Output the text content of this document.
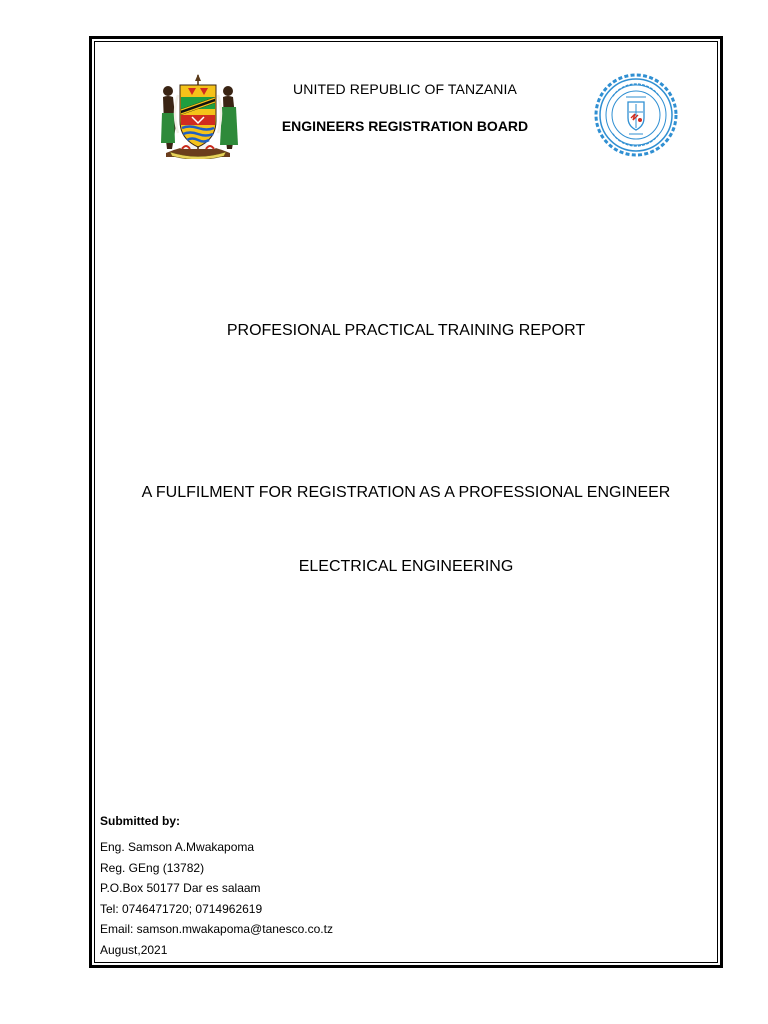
UNITED REPUBLIC OF TANZANIA
ENGINEERS REGISTRATION BOARD
PROFESIONAL PRACTICAL TRAINING REPORT
A FULFILMENT FOR REGISTRATION AS A PROFESSIONAL ENGINEER
ELECTRICAL ENGINEERING
Submitted by:
Eng. Samson A.Mwakapoma
Reg. GEng (13782)
P.O.Box 50177 Dar es salaam
Tel: 0746471720; 0714962619
Email: samson.mwakapoma@tanesco.co.tz
August,2021
